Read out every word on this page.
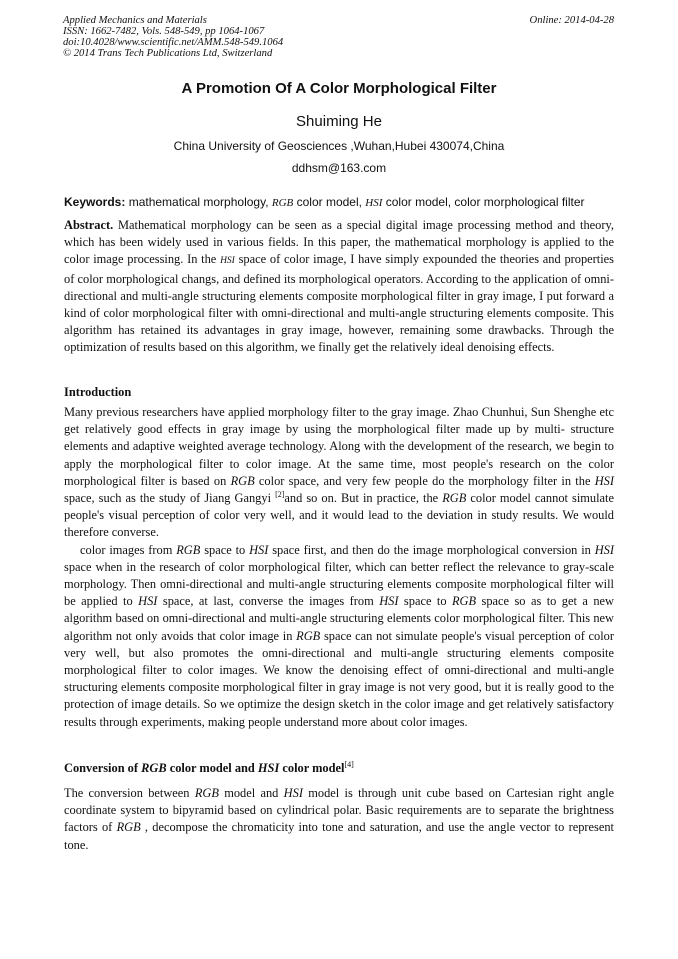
Applied Mechanics and Materials
ISSN: 1662-7482, Vols. 548-549, pp 1064-1067
doi:10.4028/www.scientific.net/AMM.548-549.1064
© 2014 Trans Tech Publications Ltd, Switzerland
Online: 2014-04-28
A Promotion Of A Color Morphological Filter
Shuiming He
China University of Geosciences ,Wuhan,Hubei 430074,China
ddhsm@163.com
Keywords: mathematical morphology, RGB color model, HSI color model, color morphological filter

Abstract. Mathematical morphology can be seen as a special digital image processing method and theory, which has been widely used in various fields. In this paper, the mathematical morphology is applied to the color image processing. In the HSI space of color image, I have simply expounded the theories and properties of color morphological changs, and defined its morphological operators. According to the application of omni-directional and multi-angle structuring elements composite morphological filter in gray image, I put forward a kind of color morphological filter with omni-directional and multi-angle structuring elements composite. This algorithm has retained its advantages in gray image, however, remaining some drawbacks. Through the optimization of results based on this algorithm, we finally get the relatively ideal denoising effects.

Introduction

Many previous researchers have applied morphology filter to the gray image. Zhao Chunhui, Sun Shenghe etc get relatively good effects in gray image by using the morphological filter made up by multi- structure elements and adaptive weighted average technology. Along with the development of the research, we begin to apply the morphological filter to color image. At the same time, most people's research on the color morphological filter is based on RGB color space, and very few people do the morphology filter in the HSI space, such as the study of Jiang Gangyi [2]and so on. But in practice, the RGB color model cannot simulate people's visual perception of color very well, and it would lead to the deviation in study results. We would therefore converse.

color images from RGB space to HSI space first, and then do the image morphological conversion in HSI space when in the research of color morphological filter, which can better reflect the relevance to gray-scale morphology. Then omni-directional and multi-angle structuring elements composite morphological filter will be applied to HSI space, at last, converse the images from HSI space to RGB space so as to get a new algorithm based on omni-directional and multi-angle structuring elements color morphological filter. This new algorithm not only avoids that color image in RGB space can not simulate people's visual perception of color very well, but also promotes the omni-directional and multi-angle structuring elements composite morphological filter to color images. We know the denoising effect of omni-directional and multi-angle structuring elements composite morphological filter in gray image is not very good, but it is really good to the protection of image details. So we optimize the design sketch in the color image and get relatively satisfactory results through experiments, making people understand more about color images.

Conversion of RGB color model and HSI color model[4]

The conversion between RGB model and HSI model is through unit cube based on Cartesian right angle coordinate system to bipyramid based on cylindrical polar. Basic requirements are to separate the brightness factors of RGB , decompose the chromaticity into tone and saturation, and use the angle vector to represent tone.
